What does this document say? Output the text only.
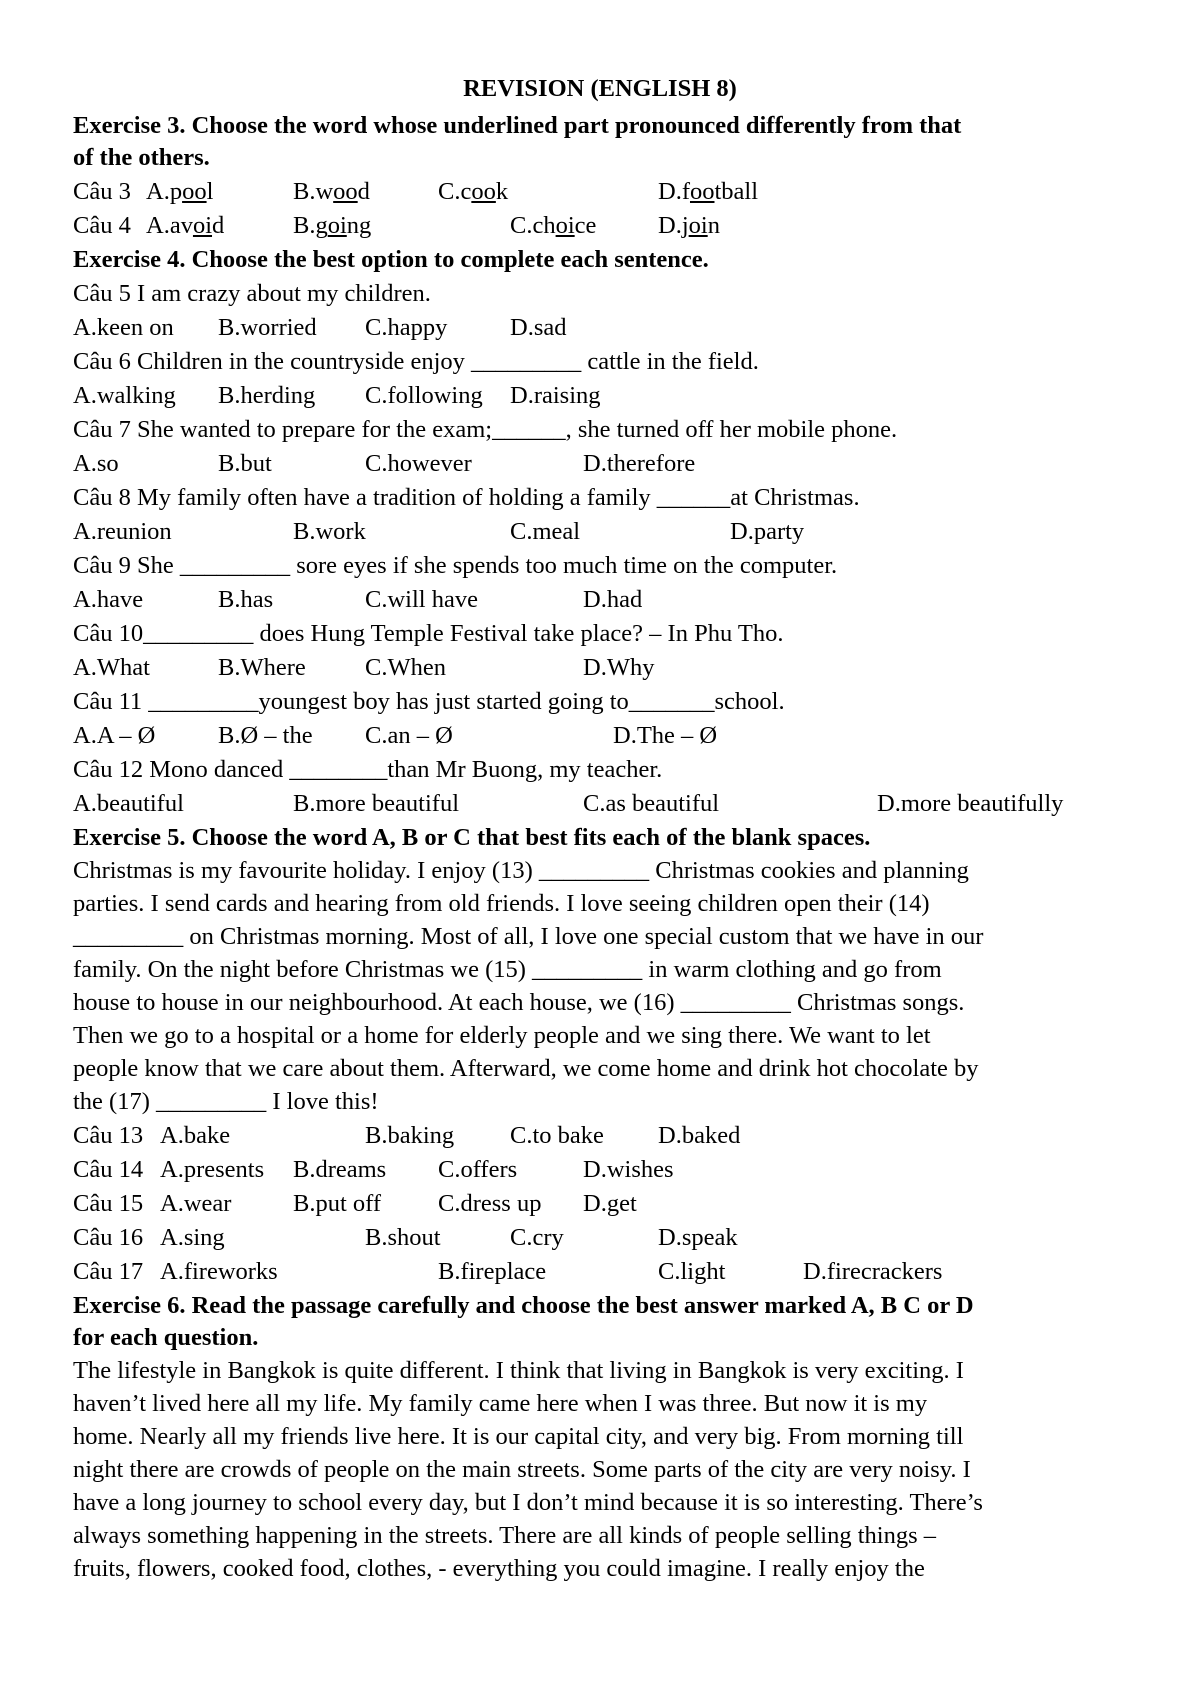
REVISION (ENGLISH 8)
Exercise 3. Choose the word whose underlined part pronounced differently from that
of the others.
Câu 3 A.pool	B.wood	C.cook	D.football
Câu 4 A.avoid	B.going	C.choice	D.join
Exercise 4. Choose the best option to complete each sentence.
Câu 5 I am crazy about my children.
A.keen on B.worried C.happy	D.sad
Câu 6 Children in the countryside enjoy _________ cattle in the field.
A.walking B.herding C.following D.raising
Câu 7 She wanted to prepare for the exam;______, she turned off her mobile phone.
A.so	B.but	C.however	D.therefore
Câu 8 My family often have a tradition of holding a family ______at Christmas.
A.reunion	B.work	C.meal	D.party
Câu 9 She _________ sore eyes if she spends too much time on the computer.
A.have	B.has	C.will have	D.had
Câu 10_________ does Hung Temple Festival take place? – In Phu Tho.
A.What	B.Where C.When	D.Why
Câu 11 _________youngest boy has just started going to_______school.
A.A – Ø	B.Ø – the C.an – Ø	D.The – Ø
Câu 12 Mono danced ________than Mr Buong, my teacher.
A.beautiful	B.more beautiful	C.as beautiful	D.more beautifully
Exercise 5. Choose the word A, B or C that best fits each of the blank spaces.
Christmas is my favourite holiday. I enjoy (13) _________ Christmas cookies and planning
parties. I send cards and hearing from old friends. I love seeing children open their (14)
_________ on Christmas morning. Most of all, I love one special custom that we have in our
family. On the night before Christmas we (15) _________ in warm clothing and go from
house to house in our neighbourhood. At each house, we (16) _________ Christmas songs.
Then we go to a hospital or a home for elderly people and we sing there. We want to let
people know that we care about them. Afterward, we come home and drink hot chocolate by
the (17) _________ I love this!
Câu 13 A.bake	B.baking C.to bake D.baked
Câu 14 A.presents B.dreams C.offers	D.wishes
Câu 15 A.wear	B.put off C.dress up D.get
Câu 16 A.sing	B.shout	C.cry	D.speak
Câu 17 A.fireworks	B.fireplace	C.light	D.firecrackers
Exercise 6. Read the passage carefully and choose the best answer marked A, B C or D
for each question.
The lifestyle in Bangkok is quite different. I think that living in Bangkok is very exciting. I
haven’t lived here all my life. My family came here when I was three. But now it is my
home. Nearly all my friends live here. It is our capital city, and very big. From morning till
night there are crowds of people on the main streets. Some parts of the city are very noisy. I
have a long journey to school every day, but I don’t mind because it is so interesting. There’s
always something happening in the streets. There are all kinds of people selling things –
fruits, flowers, cooked food, clothes, - everything you could imagine. I really enjoy the
